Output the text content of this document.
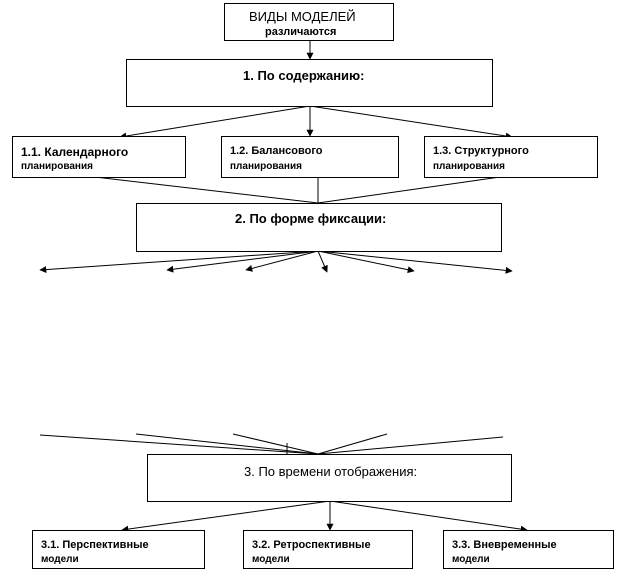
ВИДЫ МОДЕЛЕЙ
различаются
1. По содержанию:
1.1. Календарного
планирования
1.2. Балансового
планирования
1.3. Структурного
планирования
2. По форме фиксации:
3. По времени отображения:
3.1. Перспективные
модели
3.2. Ретроспективные
модели
3.3. Вневременные
модели
